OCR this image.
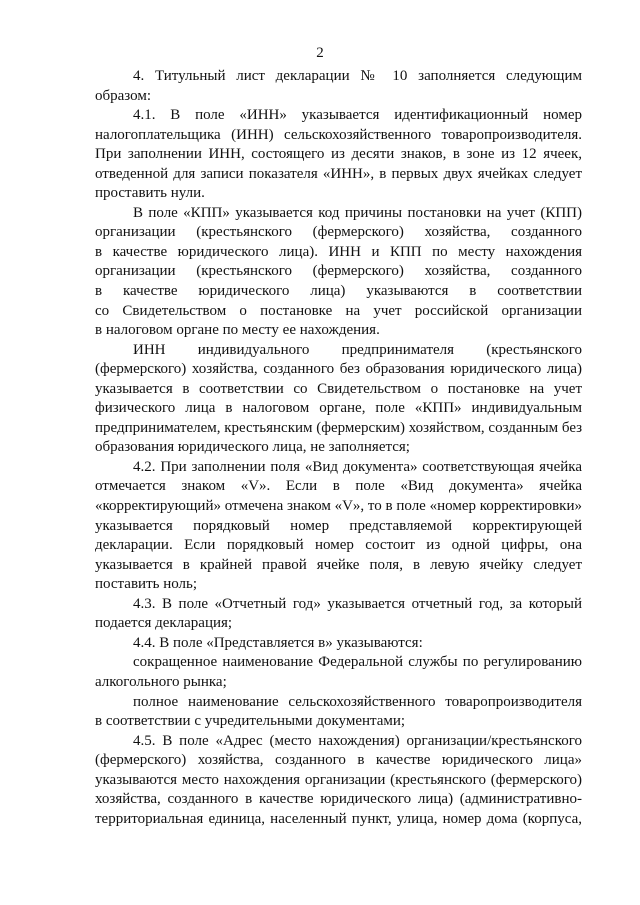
2
4. Титульный лист декларации № 10 заполняется следующим
образом:
4.1. В поле «ИНН» указывается идентификационный номер
налогоплательщика (ИНН) сельскохозяйственного товаропроизводителя.
При заполнении ИНН, состоящего из десяти знаков, в зоне из 12 ячеек,
отведенной для записи показателя «ИНН», в первых двух ячейках следует
проставить нули.
В поле «КПП» указывается код причины постановки на учет (КПП)
организации (крестьянского (фермерского) хозяйства, созданного
в качестве юридического лица). ИНН и КПП по месту нахождения
организации (крестьянского (фермерского) хозяйства, созданного
в качестве юридического лица) указываются в соответствии
со Свидетельством о постановке на учет российской организации
в налоговом органе по месту ее нахождения.
ИНН индивидуального предпринимателя (крестьянского
(фермерского) хозяйства, созданного без образования юридического лица)
указывается в соответствии со Свидетельством о постановке на учет
физического лица в налоговом органе, поле «КПП» индивидуальным
предпринимателем, крестьянским (фермерским) хозяйством, созданным без
образования юридического лица, не заполняется;
4.2. При заполнении поля «Вид документа» соответствующая ячейка
отмечается знаком «V». Если в поле «Вид документа» ячейка
«корректирующий» отмечена знаком «V», то в поле «номер корректировки»
указывается порядковый номер представляемой корректирующей
декларации. Если порядковый номер состоит из одной цифры, она
указывается в крайней правой ячейке поля, в левую ячейку следует
поставить ноль;
4.3. В поле «Отчетный год» указывается отчетный год, за который
подается декларация;
4.4. В поле «Представляется в» указываются:
сокращенное наименование Федеральной службы по регулированию
алкогольного рынка;
полное наименование сельскохозяйственного товаропроизводителя
в соответствии с учредительными документами;
4.5. В поле «Адрес (место нахождения) организации/крестьянского
(фермерского) хозяйства, созданного в качестве юридического лица»
указываются место нахождения организации (крестьянского (фермерского)
хозяйства, созданного в качестве юридического лица) (административно-
территориальная единица, населенный пункт, улица, номер дома (корпуса,
